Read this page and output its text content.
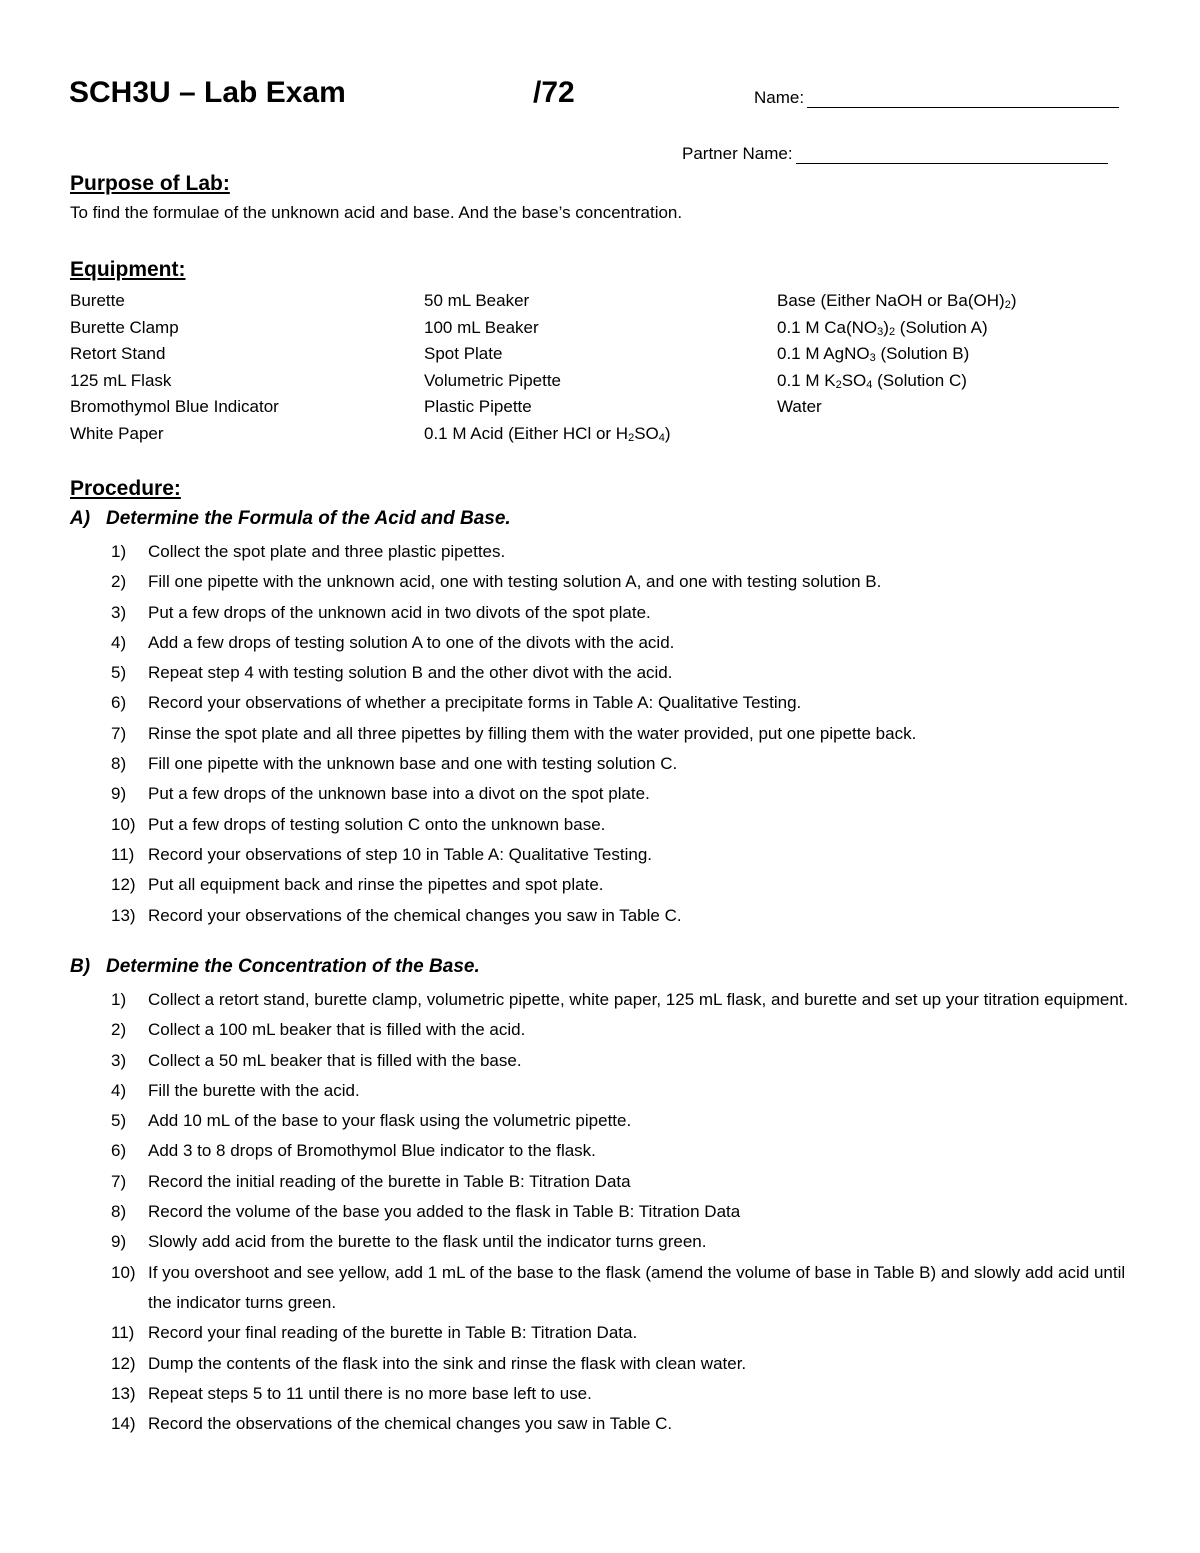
SCH3U – Lab Exam	/72	Name:
Partner Name:
Purpose of Lab:
To find the formulae of the unknown acid and base. And the base’s concentration.
Equipment:
Burette
Burette Clamp
Retort Stand
125 mL Flask
Bromothymol Blue Indicator
White Paper
50 mL Beaker
100 mL Beaker
Spot Plate
Volumetric Pipette
Plastic Pipette
0.1 M Acid (Either HCl or $H_2SO_4$)
Base (Either NaOH or $Ba(OH)_2$)
0.1 M $Ca(NO_3)_2$ (Solution A)
0.1 M AgNO$_3$ (Solution B)
0.1 M $K_2SO_4$ (Solution C)
Water
Procedure:
A) Determine the Formula of the Acid and Base.
1) Collect the spot plate and three plastic pipettes.
2) Fill one pipette with the unknown acid, one with testing solution A, and one with testing solution B.
3) Put a few drops of the unknown acid in two divots of the spot plate.
4) Add a few drops of testing solution A to one of the divots with the acid.
5) Repeat step 4 with testing solution B and the other divot with the acid.
6) Record your observations of whether a precipitate forms in Table A: Qualitative Testing.
7) Rinse the spot plate and all three pipettes by filling them with the water provided, put one pipette back.
8) Fill one pipette with the unknown base and one with testing solution C.
9) Put a few drops of the unknown base into a divot on the spot plate.
10) Put a few drops of testing solution C onto the unknown base.
11) Record your observations of step 10 in Table A: Qualitative Testing.
12) Put all equipment back and rinse the pipettes and spot plate.
13) Record your observations of the chemical changes you saw in Table C.
B) Determine the Concentration of the Base.
1) Collect a retort stand, burette clamp, volumetric pipette, white paper, 125 mL flask, and burette and set up your titration equipment.
2) Collect a 100 mL beaker that is filled with the acid.
3) Collect a 50 mL beaker that is filled with the base.
4) Fill the burette with the acid.
5) Add 10 mL of the base to your flask using the volumetric pipette.
6) Add 3 to 8 drops of Bromothymol Blue indicator to the flask.
7) Record the initial reading of the burette in Table B: Titration Data
8) Record the volume of the base you added to the flask in Table B: Titration Data
9) Slowly add acid from the burette to the flask until the indicator turns green.
10) If you overshoot and see yellow, add 1 mL of the base to the flask (amend the volume of base in Table B) and slowly add acid until the indicator turns green.
11) Record your final reading of the burette in Table B: Titration Data.
12) Dump the contents of the flask into the sink and rinse the flask with clean water.
13) Repeat steps 5 to 11 until there is no more base left to use.
14) Record the observations of the chemical changes you saw in Table C.
